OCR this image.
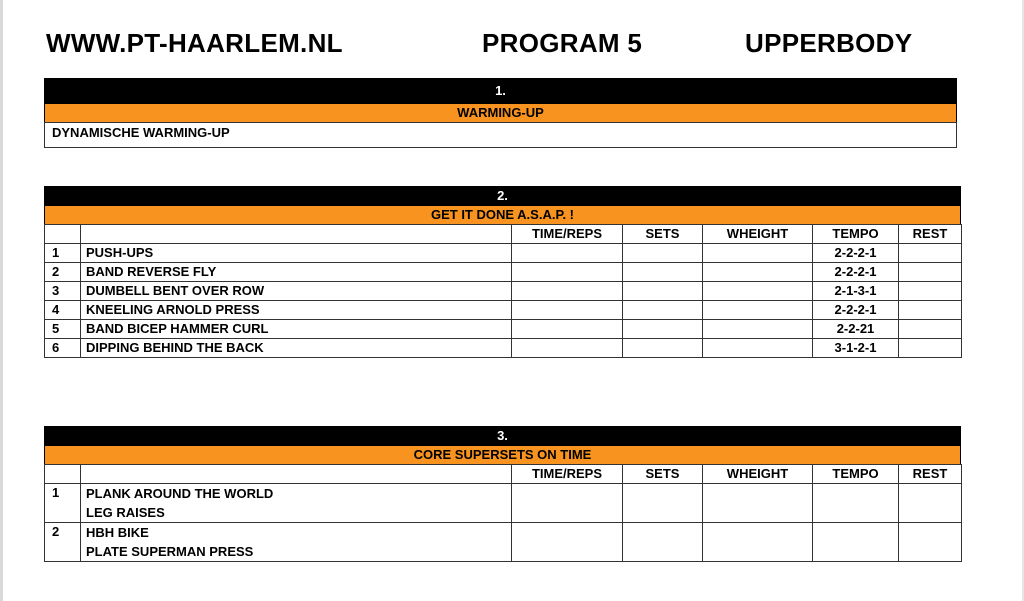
WWW.PT-HAARLEM.NL	PROGRAM 5	UPPERBODY
1.
WARMING-UP
DYNAMISCHE WARMING-UP
2.
GET IT DONE A.S.A.P. !
		TIME/REPS	SETS	WHEIGHT	TEMPO	REST
1	PUSH-UPS				2-2-2-1	
2	BAND REVERSE FLY				2-2-2-1	
3	DUMBELL BENT OVER ROW				2-1-3-1	
4	KNEELING ARNOLD PRESS				2-2-2-1	
5	BAND BICEP HAMMER CURL				2-2-21	
6	DIPPING BEHIND THE BACK				3-1-2-1	
3.
CORE SUPERSETS ON TIME
		TIME/REPS	SETS	WHEIGHT	TEMPO	REST
1	PLANK AROUND THE WORLD
LEG RAISES					

2	HBH BIKE
PLATE SUPERMAN PRESS					
